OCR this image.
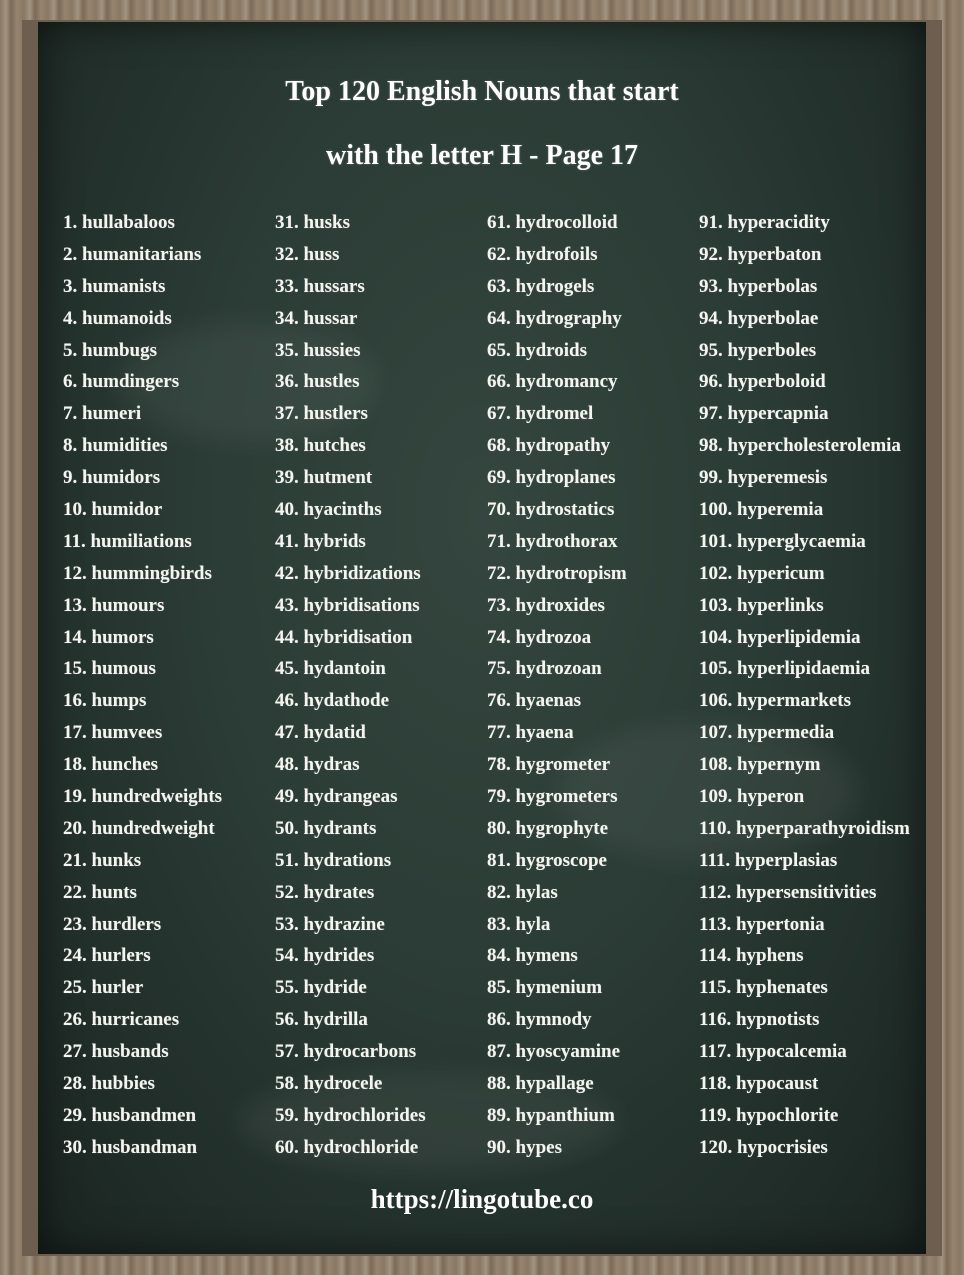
Top 120 English Nouns that start
with the letter H - Page 17
1. hullabaloos
2. humanitarians
3. humanists
4. humanoids
5. humbugs
6. humdingers
7. humeri
8. humidities
9. humidors
10. humidor
11. humiliations
12. hummingbirds
13. humours
14. humors
15. humous
16. humps
17. humvees
18. hunches
19. hundredweights
20. hundredweight
21. hunks
22. hunts
23. hurdlers
24. hurlers
25. hurler
26. hurricanes
27. husbands
28. hubbies
29. husbandmen
30. husbandman
31. husks
32. huss
33. hussars
34. hussar
35. hussies
36. hustles
37. hustlers
38. hutches
39. hutment
40. hyacinths
41. hybrids
42. hybridizations
43. hybridisations
44. hybridisation
45. hydantoin
46. hydathode
47. hydatid
48. hydras
49. hydrangeas
50. hydrants
51. hydrations
52. hydrates
53. hydrazine
54. hydrides
55. hydride
56. hydrilla
57. hydrocarbons
58. hydrocele
59. hydrochlorides
60. hydrochloride
61. hydrocolloid
62. hydrofoils
63. hydrogels
64. hydrography
65. hydroids
66. hydromancy
67. hydromel
68. hydropathy
69. hydroplanes
70. hydrostatics
71. hydrothorax
72. hydrotropism
73. hydroxides
74. hydrozoa
75. hydrozoan
76. hyaenas
77. hyaena
78. hygrometer
79. hygrometers
80. hygrophyte
81. hygroscope
82. hylas
83. hyla
84. hymens
85. hymenium
86. hymnody
87. hyoscyamine
88. hypallage
89. hypanthium
90. hypes
91. hyperacidity
92. hyperbaton
93. hyperbolas
94. hyperbolae
95. hyperboles
96. hyperboloid
97. hypercapnia
98. hypercholesterolemia
99. hyperemesis
100. hyperemia
101. hyperglycaemia
102. hypericum
103. hyperlinks
104. hyperlipidemia
105. hyperlipidaemia
106. hypermarkets
107. hypermedia
108. hypernym
109. hyperon
110. hyperparathyroidism
111. hyperplasias
112. hypersensitivities
113. hypertonia
114. hyphens
115. hyphenates
116. hypnotists
117. hypocalcemia
118. hypocaust
119. hypochlorite
120. hypocrisies
https://lingotube.co
